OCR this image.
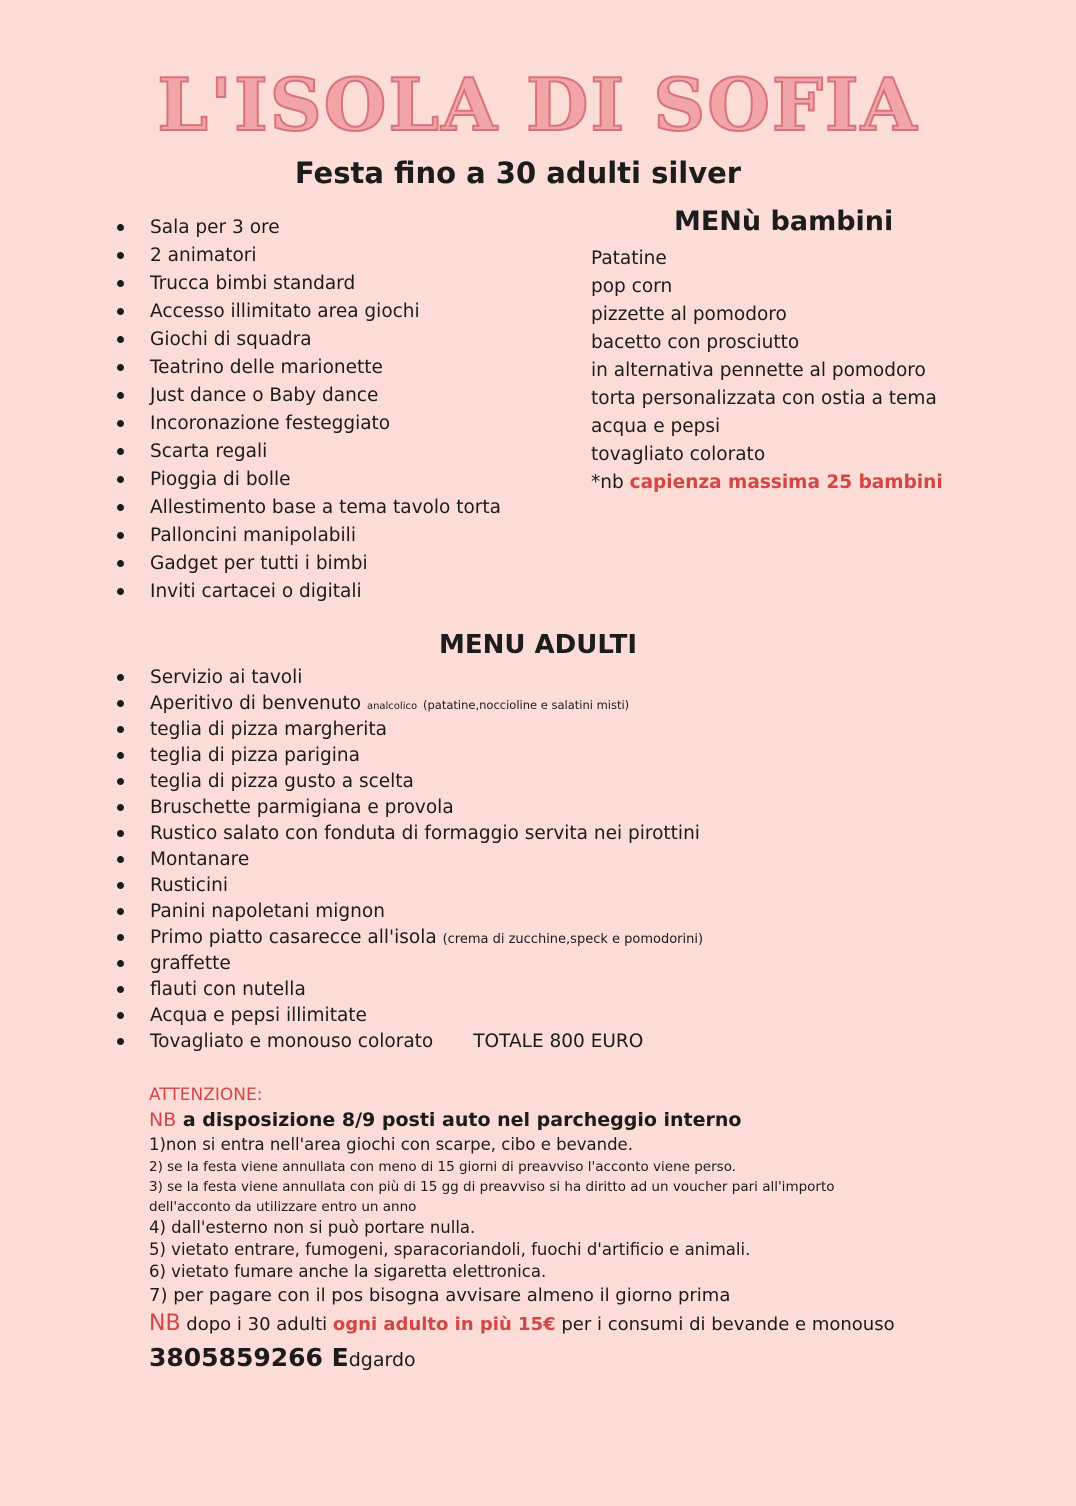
L'ISOLA DI SOFIA
Festa fino a 30 adulti silver
Sala per 3 ore
2 animatori
Trucca bimbi standard
Accesso illimitato area giochi
Giochi di squadra
Teatrino delle marionette
Just dance o Baby dance
Incoronazione festeggiato
Scarta regali
Pioggia di bolle
Allestimento base a tema tavolo torta
Palloncini manipolabili
Gadget per tutti i bimbi
Inviti cartacei o digitali
MENù bambini
Patatine
pop corn
pizzette al pomodoro
bacetto con prosciutto
in alternativa pennette al pomodoro
torta personalizzata con ostia a tema
acqua e pepsi
tovagliato colorato
*nb capienza massima 25 bambini
MENU ADULTI
Servizio ai tavoli
Aperitivo di benvenuto analcolico (patatine,noccioline e salatini misti)
teglia di pizza margherita
teglia di pizza parigina
teglia di pizza gusto a scelta
Bruschette parmigiana e provola
Rustico salato con fonduta di formaggio servita nei pirottini
Montanare
Rusticini
Panini napoletani mignon
Primo piatto casarecce all'isola (crema di zucchine,speck e pomodorini)
graffette
flauti con nutella
Acqua e pepsi illimitate
Tovagliato e monouso colorato TOTALE 800 EURO
ATTENZIONE:
NB a disposizione 8/9 posti auto nel parcheggio interno
1)non si entra nell'area giochi con scarpe, cibo e bevande.
2) se la festa viene annullata con meno di 15 giorni di preavviso l'acconto viene perso.
3) se la festa viene annullata con più di 15 gg di preavviso si ha diritto ad un voucher pari all'importo
dell'acconto da utilizzare entro un anno
4) dall'esterno non si può portare nulla.
5) vietato entrare, fumogeni, sparacoriandoli, fuochi d'artificio e animali.
6) vietato fumare anche la sigaretta elettronica.
7) per pagare con il pos bisogna avvisare almeno il giorno prima
NB dopo i 30 adulti ogni adulto in più 15€ per i consumi di bevande e monouso
3805859266 Edgardo
